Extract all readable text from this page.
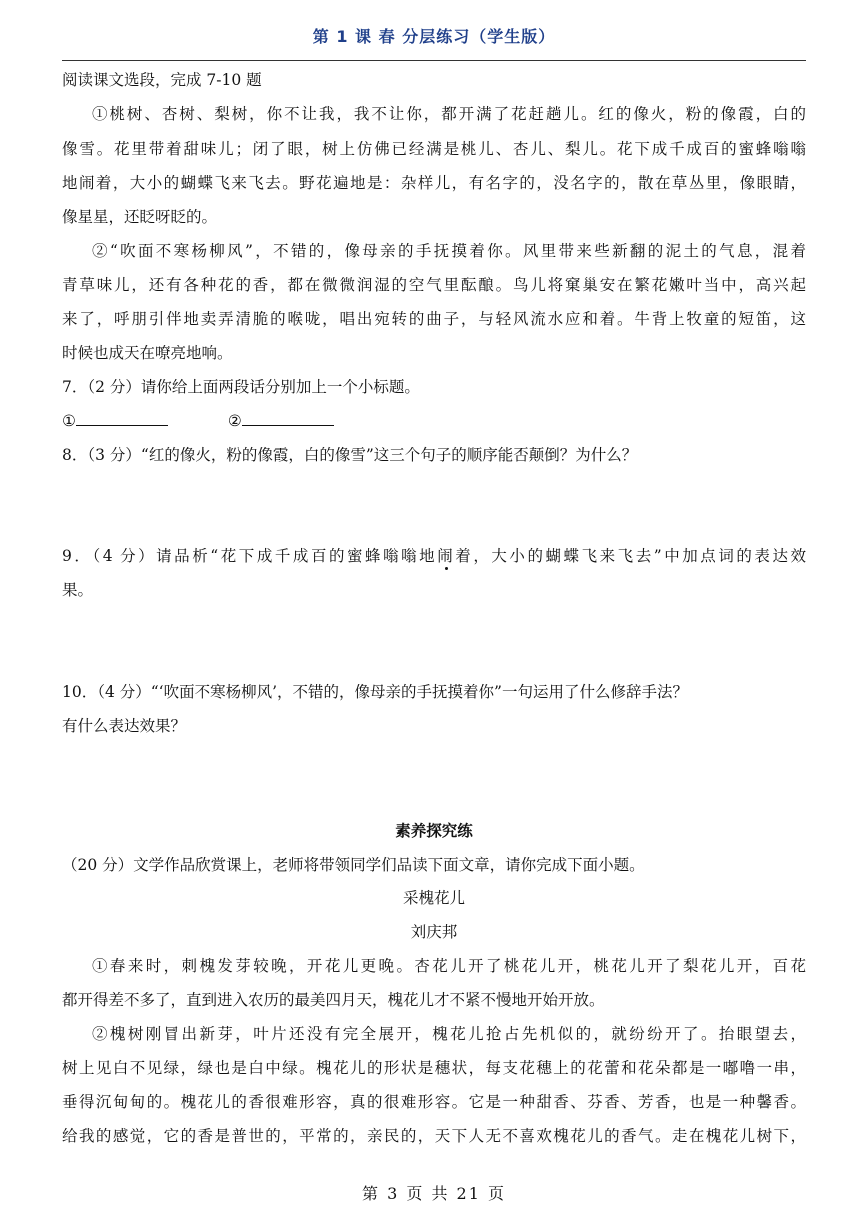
第 1 课 春 分层练习（学生版）
阅读课文选段，完成 7-10 题
①桃树、杏树、梨树，你不让我，我不让你，都开满了花赶趟儿。红的像火，粉的像霞，白的
像雪。花里带着甜味儿；闭了眼，树上仿佛已经满是桃儿、杏儿、梨儿。花下成千成百的蜜蜂嗡嗡
地闹着，大小的蝴蝶飞来飞去。野花遍地是：杂样儿，有名字的，没名字的，散在草丛里，像眼睛，
像星星，还眨呀眨的。
②“吹面不寒杨柳风”，不错的，像母亲的手抚摸着你。风里带来些新翻的泥土的气息，混着
青草味儿，还有各种花的香，都在微微润湿的空气里酝酿。鸟儿将窠巢安在繁花嫩叶当中，高兴起
来了，呼朋引伴地卖弄清脆的喉咙，唱出宛转的曲子，与轻风流水应和着。牛背上牧童的短笛，这
时候也成天在嘹亮地响。
7．（2 分）请你给上面两段话分别加上一个小标题。
①	②
8．（3 分）“红的像火，粉的像霞，白的像雪”这三个句子的顺序能否颠倒？为什么？
9．（4 分）请品析“花下成千成百的蜜蜂嗡嗡地闹着，大小的蝴蝶飞来飞去”中加点词的表达效
果。
10．（4 分）“‘吹面不寒杨柳风’，不错的，像母亲的手抚摸着你”一句运用了什么修辞手法？
有什么表达效果？
素养探究练
（20 分）文学作品欣赏课上，老师将带领同学们品读下面文章，请你完成下面小题。
采槐花儿
刘庆邦
①春来时，刺槐发芽较晚，开花儿更晚。杏花儿开了桃花儿开，桃花儿开了梨花儿开，百花
都开得差不多了，直到进入农历的最美四月天，槐花儿才不紧不慢地开始开放。
②槐树刚冒出新芽，叶片还没有完全展开，槐花儿抢占先机似的，就纷纷开了。抬眼望去，
树上见白不见绿，绿也是白中绿。槐花儿的形状是穗状，每支花穗上的花蕾和花朵都是一嘟噜一串，
垂得沉甸甸的。槐花儿的香很难形容，真的很难形容。它是一种甜香、芬香、芳香，也是一种馨香。
给我的感觉，它的香是普世的，平常的，亲民的，天下人无不喜欢槐花儿的香气。走在槐花儿树下，
第 3 页 共 21 页
